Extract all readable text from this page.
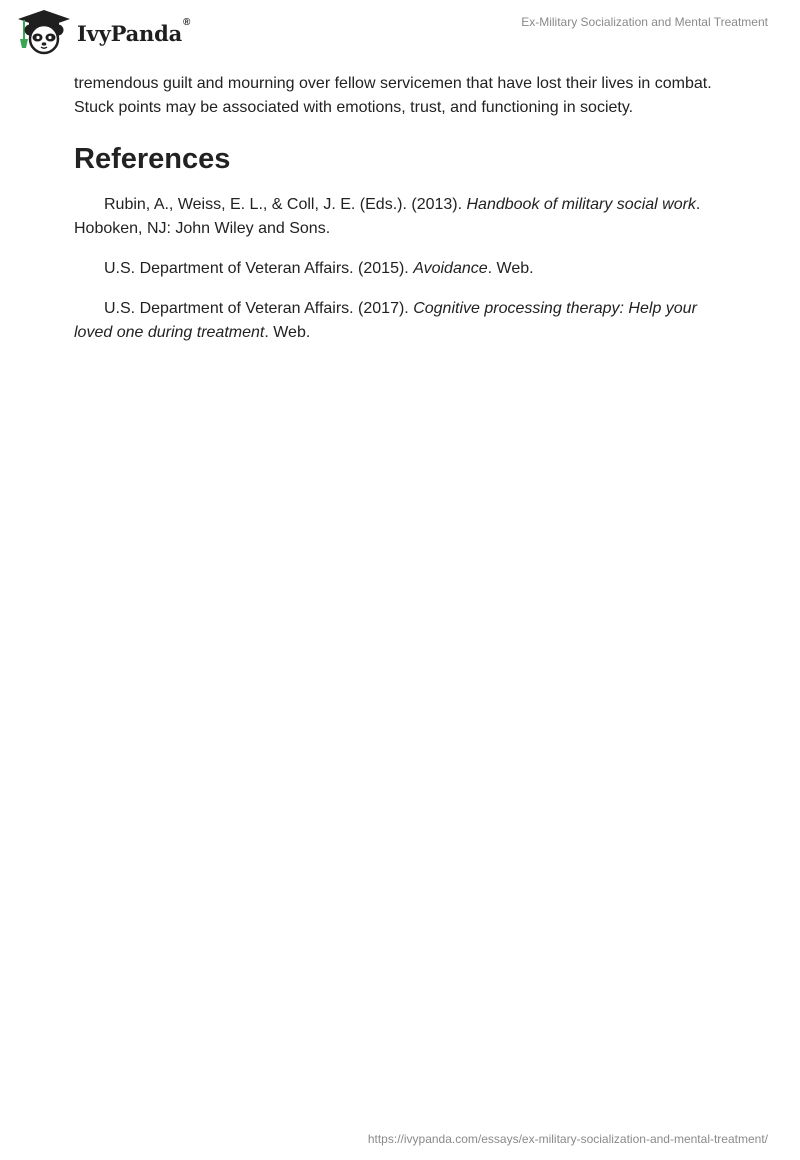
IvyPanda®	Ex-Military Socialization and Mental Treatment

tremendous guilt and mourning over fellow servicemen that have lost their lives in combat. Stuck points may be associated with emotions, trust, and functioning in society.

References

Rubin, A., Weiss, E. L., & Coll, J. E. (Eds.). (2013). Handbook of military social work. Hoboken, NJ: John Wiley and Sons.

U.S. Department of Veteran Affairs. (2015). Avoidance. Web.

U.S. Department of Veteran Affairs. (2017). Cognitive processing therapy: Help your loved one during treatment. Web.

https://ivypanda.com/essays/ex-military-socialization-and-mental-treatment/
